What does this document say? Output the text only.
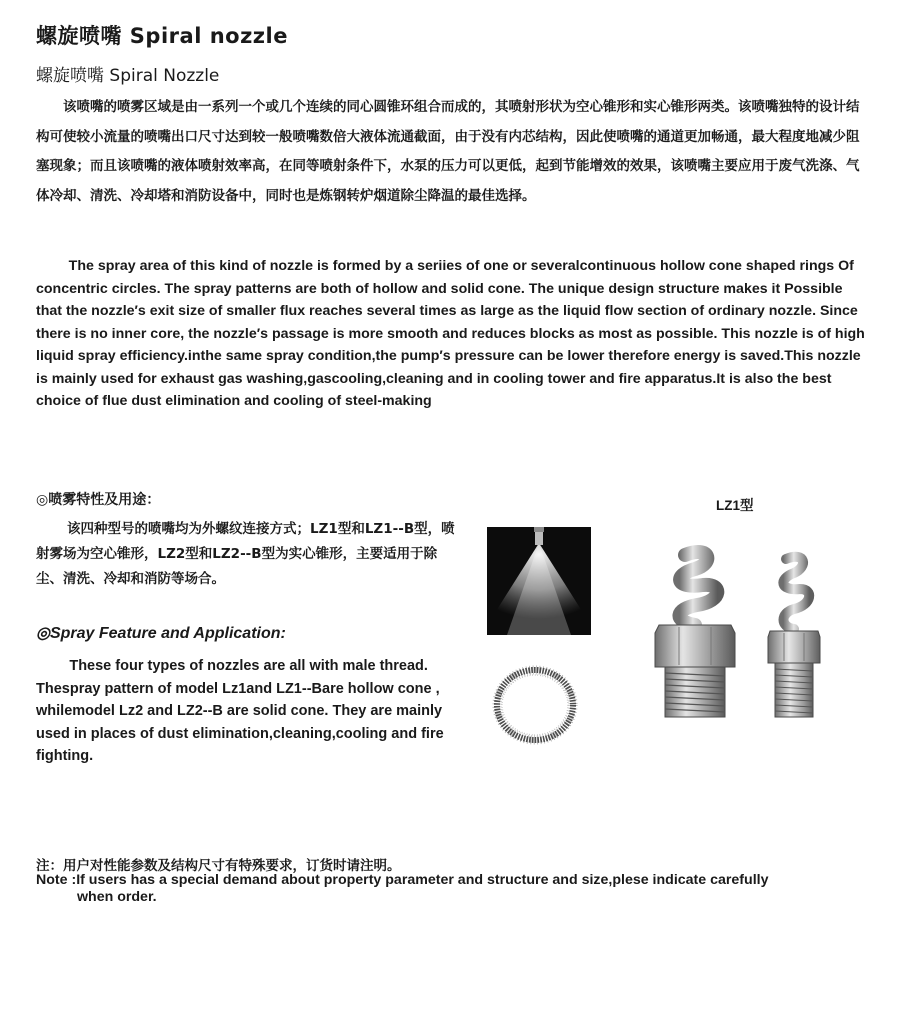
螺旋喷嘴 Spiral nozzle
螺旋喷嘴 Spiral Nozzle
该喷嘴的喷雾区域是由一系列一个或几个连续的同心圆锥环组合而成的，其喷射形状为空心锥形和实心锥形两类。该喷嘴独特的设计结构可使较小流量的喷嘴出口尺寸达到较一般喷嘴数倍大液体流通截面，由于没有内芯结构，因此使喷嘴的通道更加畅通，最大程度地减少阻塞现象；而且该喷嘴的液体喷射效率高，在同等喷射条件下，水泵的压力可以更低，起到节能增效的效果，该喷嘴主要应用于废气洗涤、气体冷却、清洗、冷却塔和消防设备中，同时也是炼钢转炉烟道除尘降温的最佳选择。
The spray area of this kind of nozzle is formed by a seriies of one or severalcontinuous hollow cone shaped rings Of concentric circles. The spray patterns are both of hollow and solid cone. The unique design structure makes it Possible that the nozzle′s exit size of smaller flux reaches several times as large as the liquid flow section of ordinary nozzle. Since there is no inner core, the nozzle′s passage is more smooth and reduces blocks as most as possible. This nozzle is of high liquid spray efficiency.inthe same spray condition,the pump′s pressure can be lower therefore energy is saved.This nozzle is mainly used for exhaust gas washing,gascooling,cleaning and in cooling tower and fire apparatus.It is also the best choice of flue dust elimination and cooling of steel-making
◎喷雾特性及用途：
该四种型号的喷嘴均为外螺纹连接方式；LZ1型和LZ1--B型，喷射雾场为空心锥形，LZ2型和LZ2--B型为实心锥形，主要适用于除尘、清洗、冷却和消防等场合。
◎Spray Feature and Application:
These four types of nozzles are all with male thread. Thespray pattern of model Lz1and LZ1--Bare hollow cone , whilemodel Lz2 and LZ2--B are solid cone. They are mainly used in places of dust elimination,cleaning,cooling and fire fighting.
LZ1型
注：用户对性能参数及结构尺寸有特殊要求，订货时请注明。
Note :If users has a special demand about property parameter and structure and size,plese indicate carefully
when order.
